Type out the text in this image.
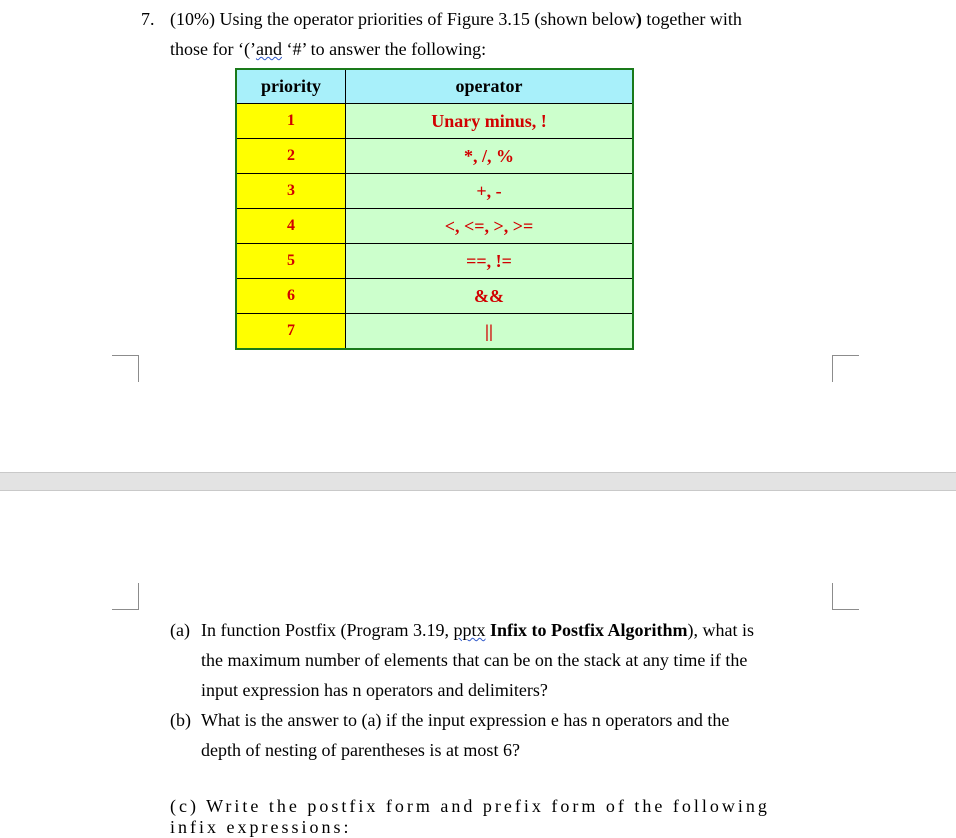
7. (10%) Using the operator priorities of Figure 3.15 (shown below) together with
those for ‘(’and ‘#’ to answer the following:
priority	operator
1	Unary minus, !
2	*, /, %
3	+, -
4	<, <=, >, >=
5	==, !=
6	&&
7	||
(a) In function Postfix (Program 3.19, pptx Infix to Postfix Algorithm), what is
the maximum number of elements that can be on the stack at any time if the
input expression has n operators and delimiters?
(b) What is the answer to (a) if the input expression e has n operators and the
depth of nesting of parentheses is at most 6?
(c) Write the postfix form and prefix form of the following infix expressions:
